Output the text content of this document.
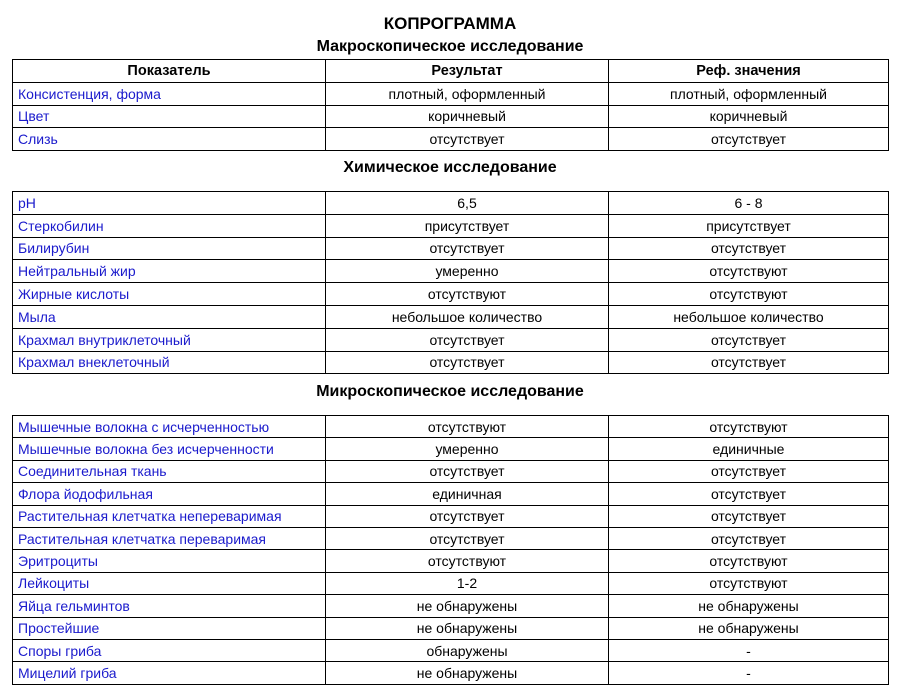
КОПРОГРАММА
Макроскопическое исследование
Показатель	Результат	Реф. значения
Консистенция, форма	плотный, оформленный	плотный, оформленный
Цвет	коричневый	коричневый
Слизь	отсутствует	отсутствует
Химическое исследование
pH	6,5	6 - 8
Стеркобилин	присутствует	присутствует
Билирубин	отсутствует	отсутствует
Нейтральный жир	умеренно	отсутствуют
Жирные кислоты	отсутствуют	отсутствуют
Мыла	небольшое количество	небольшое количество
Крахмал внутриклеточный	отсутствует	отсутствует
Крахмал внеклеточный	отсутствует	отсутствует
Микроскопическое исследование
Мышечные волокна с исчерченностью	отсутствуют	отсутствуют
Мышечные волокна без исчерченности	умеренно	единичные
Соединительная ткань	отсутствует	отсутствует
Флора йодофильная	единичная	отсутствует
Растительная клетчатка непереваримая	отсутствует	отсутствует
Растительная клетчатка переваримая	отсутствует	отсутствует
Эритроциты	отсутствуют	отсутствуют
Лейкоциты	1-2	отсутствуют
Яйца гельминтов	не обнаружены	не обнаружены
Простейшие	не обнаружены	не обнаружены
Споры гриба	обнаружены	-
Мицелий гриба	не обнаружены	-
